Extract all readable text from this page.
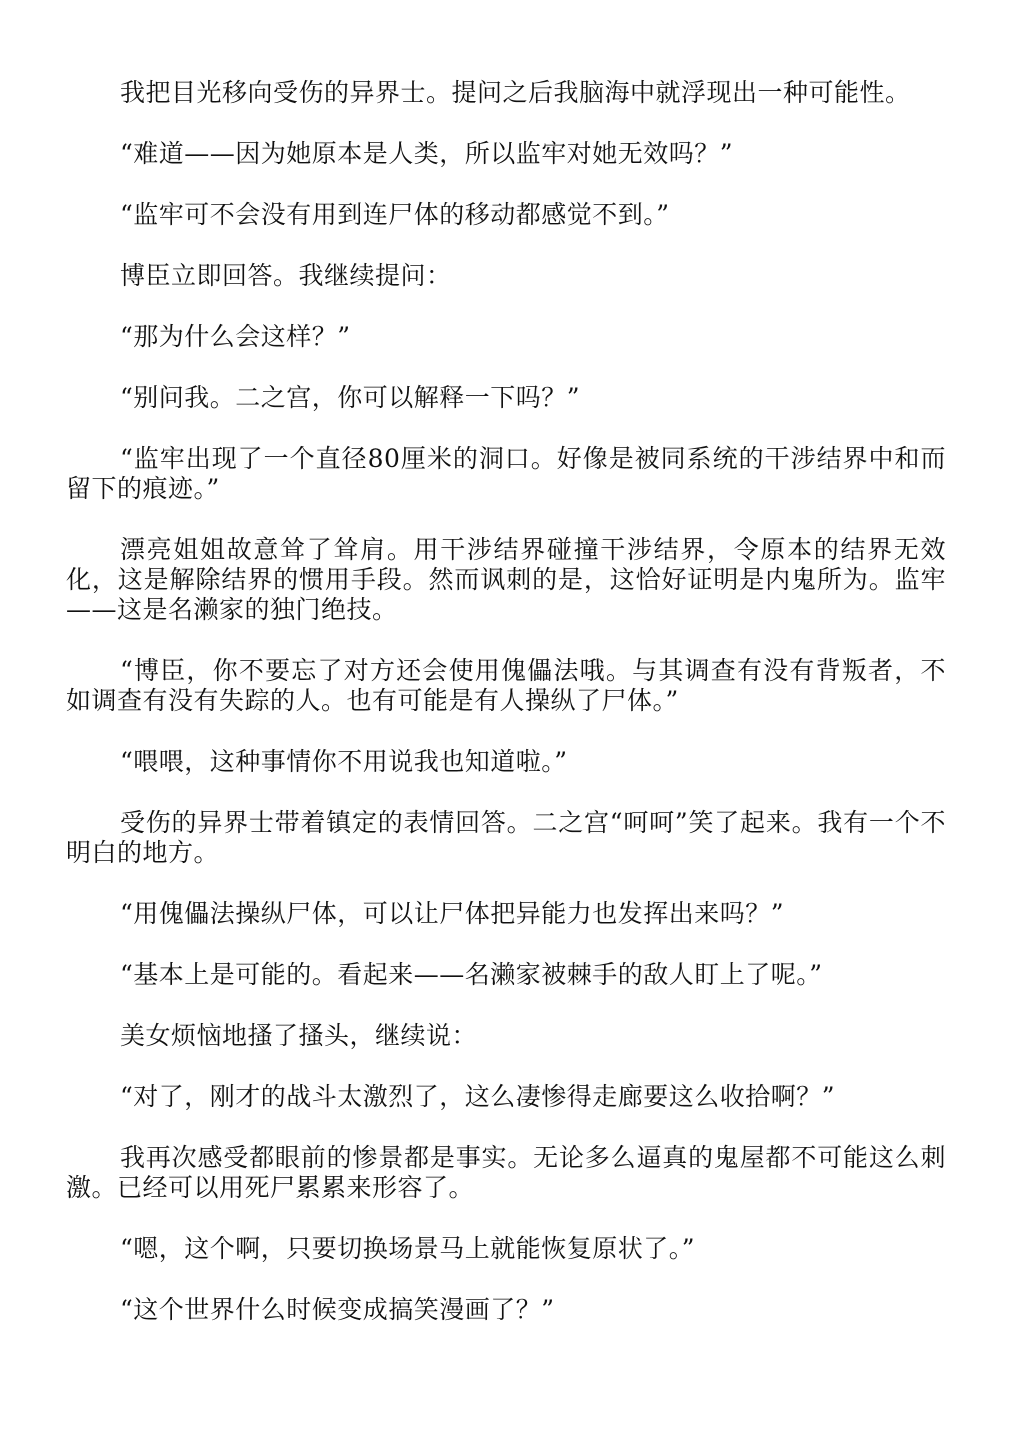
我把目光移向受伤的异界士。提问之后我脑海中就浮现出一种可能性。

“难道——因为她原本是人类，所以监牢对她无效吗？”

“监牢可不会没有用到连尸体的移动都感觉不到。”

博臣立即回答。我继续提问：

“那为什么会这样？”

“别问我。二之宫，你可以解释一下吗？”

“监牢出现了一个直径80厘米的洞口。好像是被同系统的干涉结界中和而留下的痕迹。”

漂亮姐姐故意耸了耸肩。用干涉结界碰撞干涉结界，令原本的结界无效化，这是解除结界的惯用手段。然而讽刺的是，这恰好证明是内鬼所为。监牢——这是名濑家的独门绝技。

“博臣，你不要忘了对方还会使用傀儡法哦。与其调查有没有背叛者，不如调查有没有失踪的人。也有可能是有人操纵了尸体。”

“喂喂，这种事情你不用说我也知道啦。”

受伤的异界士带着镇定的表情回答。二之宫“呵呵”笑了起来。我有一个不明白的地方。

“用傀儡法操纵尸体，可以让尸体把异能力也发挥出来吗？”

“基本上是可能的。看起来——名濑家被棘手的敌人盯上了呢。”

美女烦恼地搔了搔头，继续说：

“对了，刚才的战斗太激烈了，这么凄惨得走廊要这么收拾啊？”

我再次感受都眼前的惨景都是事实。无论多么逼真的鬼屋都不可能这么刺激。已经可以用死尸累累来形容了。

“嗯，这个啊，只要切换场景马上就能恢复原状了。”

“这个世界什么时候变成搞笑漫画了？”
